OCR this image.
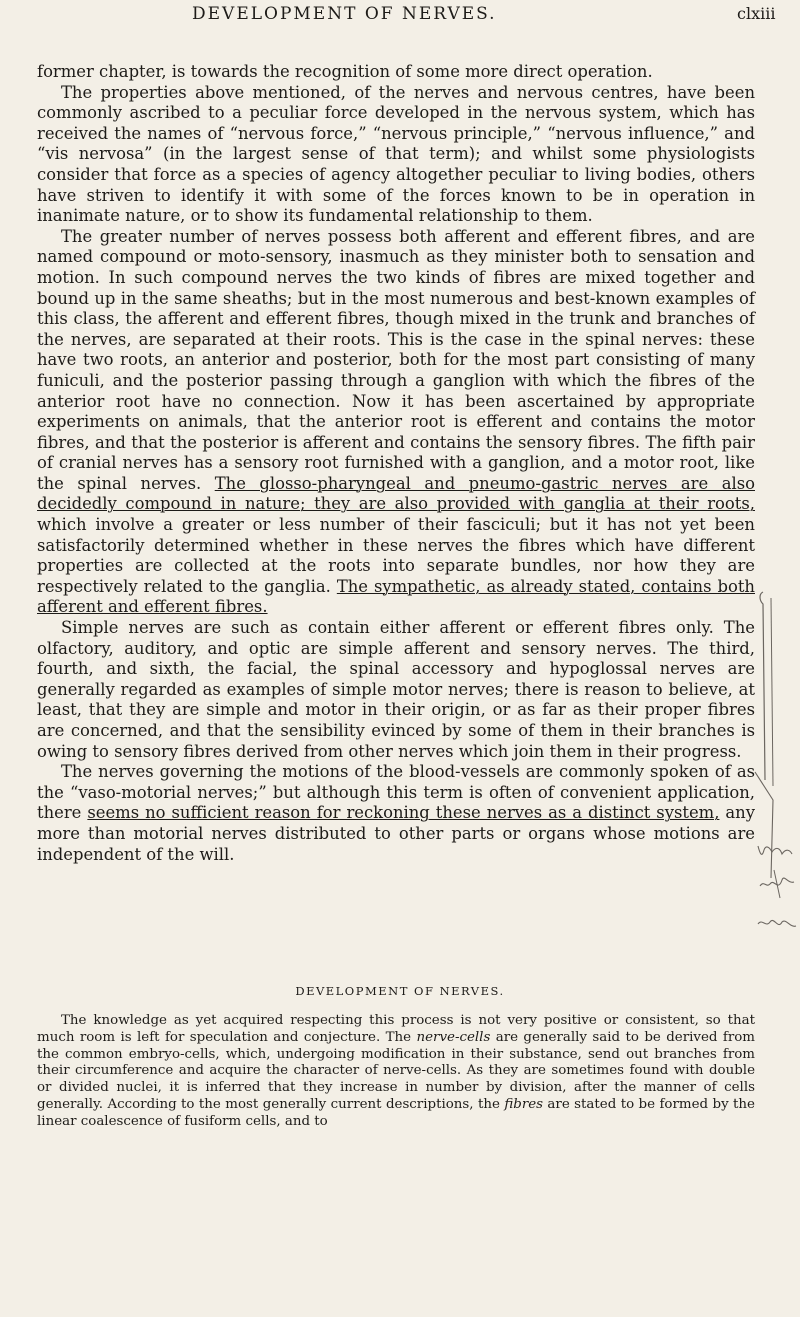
DEVELOPMENT OF NERVES.	clxiii

former chapter, is towards the recognition of some more direct operation.

The properties above mentioned, of the nerves and nervous centres, have been commonly ascribed to a peculiar force developed in the nervous system, which has received the names of “nervous force,” “nervous principle,” “nervous influence,” and “vis nervosa” (in the largest sense of that term); and whilst some physiologists consider that force as a species of agency altogether peculiar to living bodies, others have striven to identify it with some of the forces known to be in operation in inanimate nature, or to show its fundamental relationship to them.

The greater number of nerves possess both afferent and efferent fibres, and are named compound or moto-sensory, inasmuch as they minister both to sensation and motion. In such compound nerves the two kinds of fibres are mixed together and bound up in the same sheaths; but in the most numerous and best-known examples of this class, the afferent and efferent fibres, though mixed in the trunk and branches of the nerves, are separated at their roots. This is the case in the spinal nerves: these have two roots, an anterior and posterior, both for the most part consisting of many funiculi, and the posterior passing through a ganglion with which the fibres of the anterior root have no connection. Now it has been ascertained by appropriate experiments on animals, that the anterior root is efferent and contains the motor fibres, and that the posterior is afferent and contains the sensory fibres. The fifth pair of cranial nerves has a sensory root furnished with a ganglion, and a motor root, like the spinal nerves. The glosso-pharyngeal and pneumo-gastric nerves are also decidedly compound in nature; they are also provided with ganglia at their roots, which involve a greater or less number of their fasciculi; but it has not yet been satisfactorily determined whether in these nerves the fibres which have different properties are collected at the roots into separate bundles, nor how they are respectively related to the ganglia. The sympathetic, as already stated, contains both afferent and efferent fibres.

Simple nerves are such as contain either afferent or efferent fibres only. The olfactory, auditory, and optic are simple afferent and sensory nerves. The third, fourth, and sixth, the facial, the spinal accessory and hypoglossal nerves are generally regarded as examples of simple motor nerves; there is reason to believe, at least, that they are simple and motor in their origin, or as far as their proper fibres are concerned, and that the sensibility evinced by some of them in their branches is owing to sensory fibres derived from other nerves which join them in their progress.

The nerves governing the motions of the blood-vessels are commonly spoken of as the “vaso-motorial nerves;” but although this term is often of convenient application, there seems no sufficient reason for reckoning these nerves as a distinct system, any more than motorial nerves distributed to other parts or organs whose motions are independent of the will.

DEVELOPMENT OF NERVES.

The knowledge as yet acquired respecting this process is not very positive or consistent, so that much room is left for speculation and conjecture. The nerve-cells are generally said to be derived from the common embryo-cells, which, undergoing modification in their substance, send out branches from their circumference and acquire the character of nerve-cells. As they are sometimes found with double or divided nuclei, it is inferred that they increase in number by division, after the manner of cells generally. According to the most generally current descriptions, the fibres are stated to be formed by the linear coalescence of fusiform cells, and to
